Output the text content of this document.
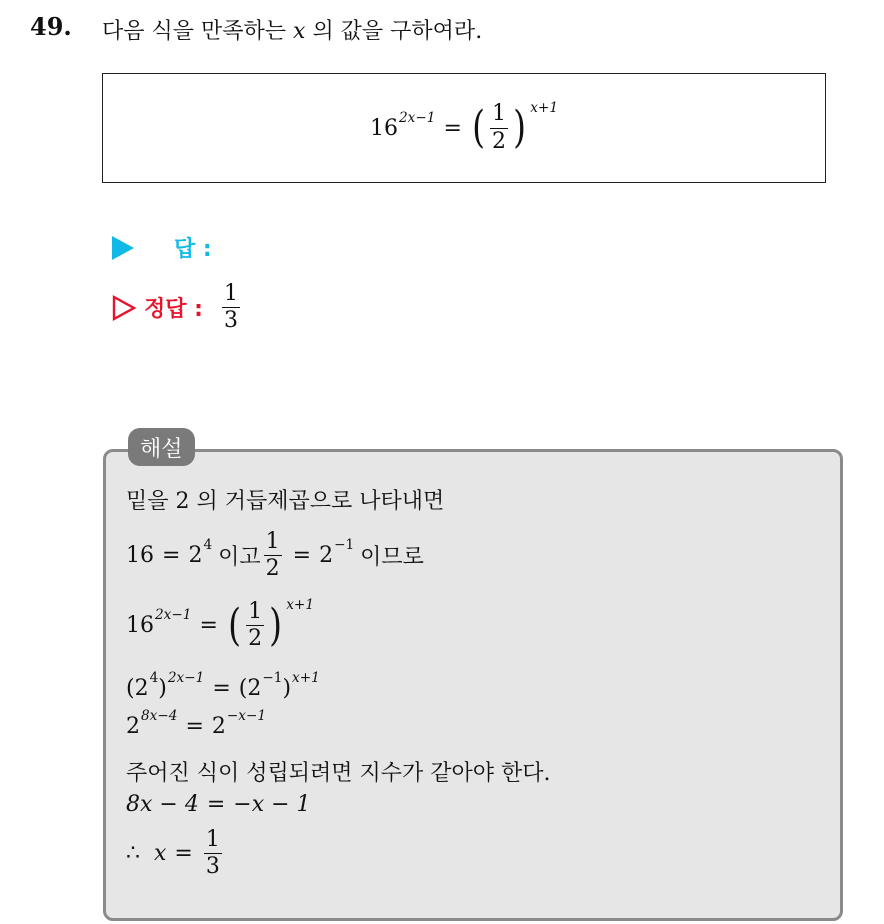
49. 다음 식을 만족하는 x 의 값을 구하여라.
16 2x−1 = ( $\frac{1}{2}$ ) x+1
답 :
정답 : $\frac{1}{3}$
해설
밑을 2 의 거듭제곱으로 나타내면
16 = 2 4 이고 $\frac{1}{2} = 2 -1$ 이므로
16 2x−1 = ( $\frac{1}{2}$ ) x+1
(2 4 ) 2x−1 = (2 −1 ) x+1
2 8x−4 = 2 −x−1
주어진 식이 성립되려면 지수가 같아야 한다.
8x − 4 = −x − 1
∴ $x = \frac{1}{3}$
